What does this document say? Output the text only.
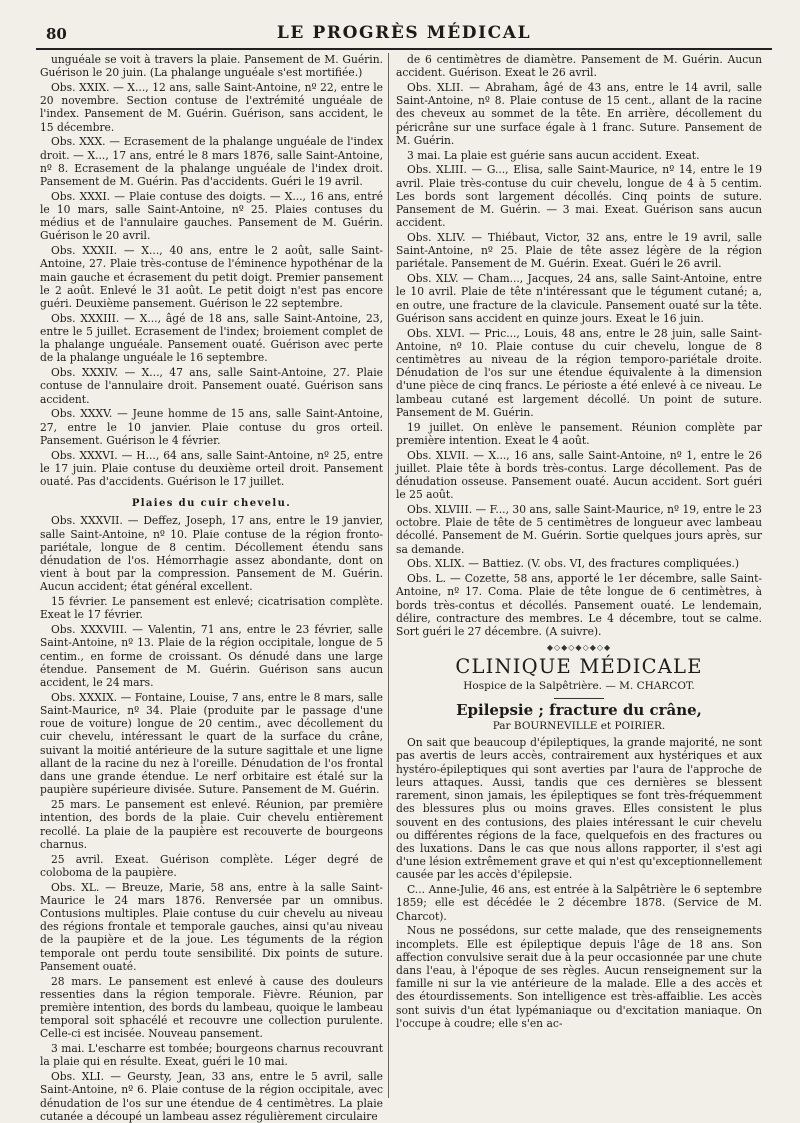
80	LE PROGRÈS MÉDICAL

unguéale se voit à travers la plaie. Pansement de M. Guérin. Guérison le 20 juin. (La phalange unguéale s'est mortifiée.)

Obs. XXIX. — X..., 12 ans, salle Saint-Antoine, nº 22, entre le 20 novembre. Section contuse de l'extrémité unguéale de l'index. Pansement de M. Guérin. Guérison, sans accident, le 15 décembre.

Obs. XXX. — Ecrasement de la phalange unguéale de l'index droit. — X..., 17 ans, entré le 8 mars 1876, salle Saint-Antoine, nº 8. Ecrasement de la phalange unguéale de l'index droit. Pansement de M. Guérin. Pas d'accidents. Guéri le 19 avril.

Obs. XXXI. — Plaie contuse des doigts. — X..., 16 ans, entré le 10 mars, salle Saint-Antoine, nº 25. Plaies contuses du médius et de l'annulaire gauches. Pansement de M. Guérin. Guérison le 20 avril.

Obs. XXXII. — X..., 40 ans, entre le 2 août, salle Saint-Antoine, 27. Plaie très-contuse de l'éminence hypothénar de la main gauche et écrasement du petit doigt. Premier pansement le 2 août. Enlevé le 31 août. Le petit doigt n'est pas encore guéri. Deuxième pansement. Guérison le 22 septembre.

Obs. XXXIII. — X..., âgé de 18 ans, salle Saint-Antoine, 23, entre le 5 juillet. Ecrasement de l'index; broiement complet de la phalange unguéale. Pansement ouaté. Guérison avec perte de la phalange unguéale le 16 septembre.

Obs. XXXIV. — X..., 47 ans, salle Saint-Antoine, 27. Plaie contuse de l'annulaire droit. Pansement ouaté. Guérison sans accident.

Obs. XXXV. — Jeune homme de 15 ans, salle Saint-Antoine, 27, entre le 10 janvier. Plaie contuse du gros orteil. Pansement. Guérison le 4 février.

Obs. XXXVI. — H..., 64 ans, salle Saint-Antoine, nº 25, entre le 17 juin. Plaie contuse du deuxième orteil droit. Pansement ouaté. Pas d'accidents. Guérison le 17 juillet.

Plaies du cuir chevelu.

Obs. XXXVII. — Deffez, Joseph, 17 ans, entre le 19 janvier, salle Saint-Antoine, nº 10. Plaie contuse de la région fronto-pariétale, longue de 8 centim. Décollement étendu sans dénudation de l'os. Hémorrhagie assez abondante, dont on vient à bout par la compression. Pansement de M. Guérin. Aucun accident; état général excellent.

15 février. Le pansement est enlevé; cicatrisation complète. Exeat le 17 février.

Obs. XXXVIII. — Valentin, 71 ans, entre le 23 février, salle Saint-Antoine, nº 13. Plaie de la région occipitale, longue de 5 centim., en forme de croissant. Os dénudé dans une large étendue. Pansement de M. Guérin. Guérison sans aucun accident, le 24 mars.

Obs. XXXIX. — Fontaine, Louise, 7 ans, entre le 8 mars, salle Saint-Maurice, nº 34. Plaie (produite par le passage d'une roue de voiture) longue de 20 centim., avec décollement du cuir chevelu, intéressant le quart de la surface du crâne, suivant la moitié antérieure de la suture sagittale et une ligne allant de la racine du nez à l'oreille. Dénudation de l'os frontal dans une grande étendue. Le nerf orbitaire est étalé sur la paupière supérieure divisée. Suture. Pansement de M. Guérin.

25 mars. Le pansement est enlevé. Réunion, par première intention, des bords de la plaie. Cuir chevelu entièrement recollé. La plaie de la paupière est recouverte de bourgeons charnus.

25 avril. Exeat. Guérison complète. Léger degré de coloboma de la paupière.

Obs. XL. — Breuze, Marie, 58 ans, entre à la salle Saint-Maurice le 24 mars 1876. Renversée par un omnibus. Contusions multiples. Plaie contuse du cuir chevelu au niveau des régions frontale et temporale gauches, ainsi qu'au niveau de la paupière et de la joue. Les téguments de la région temporale ont perdu toute sensibilité. Dix points de suture. Pansement ouaté.

28 mars. Le pansement est enlevé à cause des douleurs ressenties dans la région temporale. Fièvre. Réunion, par première intention, des bords du lambeau, quoique le lambeau temporal soit sphacélé et recouvre une collection purulente. Celle-ci est incisée. Nouveau pansement.

3 mai. L'escharre est tombée; bourgeons charnus recouvrant la plaie qui en résulte. Exeat, guéri le 10 mai.

Obs. XLI. — Geursty, Jean, 33 ans, entre le 5 avril, salle Saint-Antoine, nº 6. Plaie contuse de la région occipitale, avec dénudation de l'os sur une étendue de 4 centimètres. La plaie cutanée a découpé un lambeau assez régulièrement circulaire

de 6 centimètres de diamètre. Pansement de M. Guérin. Aucun accident. Guérison. Exeat le 26 avril.

Obs. XLII. — Abraham, âgé de 43 ans, entre le 14 avril, salle Saint-Antoine, nº 8. Plaie contuse de 15 cent., allant de la racine des cheveux au sommet de la tête. En arrière, décollement du péricrâne sur une surface égale à 1 franc. Suture. Pansement de M. Guérin.

3 mai. La plaie est guérie sans aucun accident. Exeat.

Obs. XLIII. — G..., Elisa, salle Saint-Maurice, nº 14, entre le 19 avril. Plaie très-contuse du cuir chevelu, longue de 4 à 5 centim. Les bords sont largement décollés. Cinq points de suture. Pansement de M. Guérin. — 3 mai. Exeat. Guérison sans aucun accident.

Obs. XLIV. — Thiébaut, Victor, 32 ans, entre le 19 avril, salle Saint-Antoine, nº 25. Plaie de tête assez légère de la région pariétale. Pansement de M. Guérin. Exeat. Guéri le 26 avril.

Obs. XLV. — Cham..., Jacques, 24 ans, salle Saint-Antoine, entre le 10 avril. Plaie de tête n'intéressant que le tégument cutané; a, en outre, une fracture de la clavicule. Pansement ouaté sur la tête. Guérison sans accident en quinze jours. Exeat le 16 juin.

Obs. XLVI. — Pric..., Louis, 48 ans, entre le 28 juin, salle Saint-Antoine, nº 10. Plaie contuse du cuir chevelu, longue de 8 centimètres au niveau de la région temporo-pariétale droite. Dénudation de l'os sur une étendue équivalente à la dimension d'une pièce de cinq francs. Le périoste a été enlevé à ce niveau. Le lambeau cutané est largement décollé. Un point de suture. Pansement de M. Guérin.

19 juillet. On enlève le pansement. Réunion complète par première intention. Exeat le 4 août.

Obs. XLVII. — X..., 16 ans, salle Saint-Antoine, nº 1, entre le 26 juillet. Plaie tête à bords très-contus. Large décollement. Pas de dénudation osseuse. Pansement ouaté. Aucun accident. Sort guéri le 25 août.

Obs. XLVIII. — F..., 30 ans, salle Saint-Maurice, nº 19, entre le 23 octobre. Plaie de tête de 5 centimètres de longueur avec lambeau décollé. Pansement de M. Guérin. Sortie quelques jours après, sur sa demande.

Obs. XLIX. — Battiez. (V. obs. VI, des fractures compliquées.)

Obs. L. — Cozette, 58 ans, apporté le 1er décembre, salle Saint-Antoine, nº 17. Coma. Plaie de tête longue de 6 centimètres, à bords très-contus et décollés. Pansement ouaté. Le lendemain, délire, contracture des membres. Le 4 décembre, tout se calme. Sort guéri le 27 décembre. (A suivre).

◆◇◆◇◆◇◆◇◆
CLINIQUE MÉDICALE
Hospice de la Salpêtrière. — M. CHARCOT.
Epilepsie ; fracture du crâne,
Par BOURNEVILLE et POIRIER.

On sait que beaucoup d'épileptiques, la grande majorité, ne sont pas avertis de leurs accès, contrairement aux hystériques et aux hystéro-épileptiques qui sont averties par l'aura de l'approche de leurs attaques. Aussi, tandis que ces dernières se blessent rarement, sinon jamais, les épileptiques se font très-fréquemment des blessures plus ou moins graves. Elles consistent le plus souvent en des contusions, des plaies intéressant le cuir chevelu ou différentes régions de la face, quelquefois en des fractures ou des luxations. Dans le cas que nous allons rapporter, il s'est agi d'une lésion extrêmement grave et qui n'est qu'exceptionnellement causée par les accès d'épilepsie.

C... Anne-Julie, 46 ans, est entrée à la Salpêtrière le 6 septembre 1859; elle est décédée le 2 décembre 1878. (Service de M. Charcot).

Nous ne possédons, sur cette malade, que des renseignements incomplets. Elle est épileptique depuis l'âge de 18 ans. Son affection convulsive serait due à la peur occasionnée par une chute dans l'eau, à l'époque de ses règles. Aucun renseignement sur la famille ni sur la vie antérieure de la malade. Elle a des accès et des étourdissements. Son intelligence est très-affaiblie. Les accès sont suivis d'un état lypémaniaque ou d'excitation maniaque. On l'occupe à coudre; elle s'en ac-
